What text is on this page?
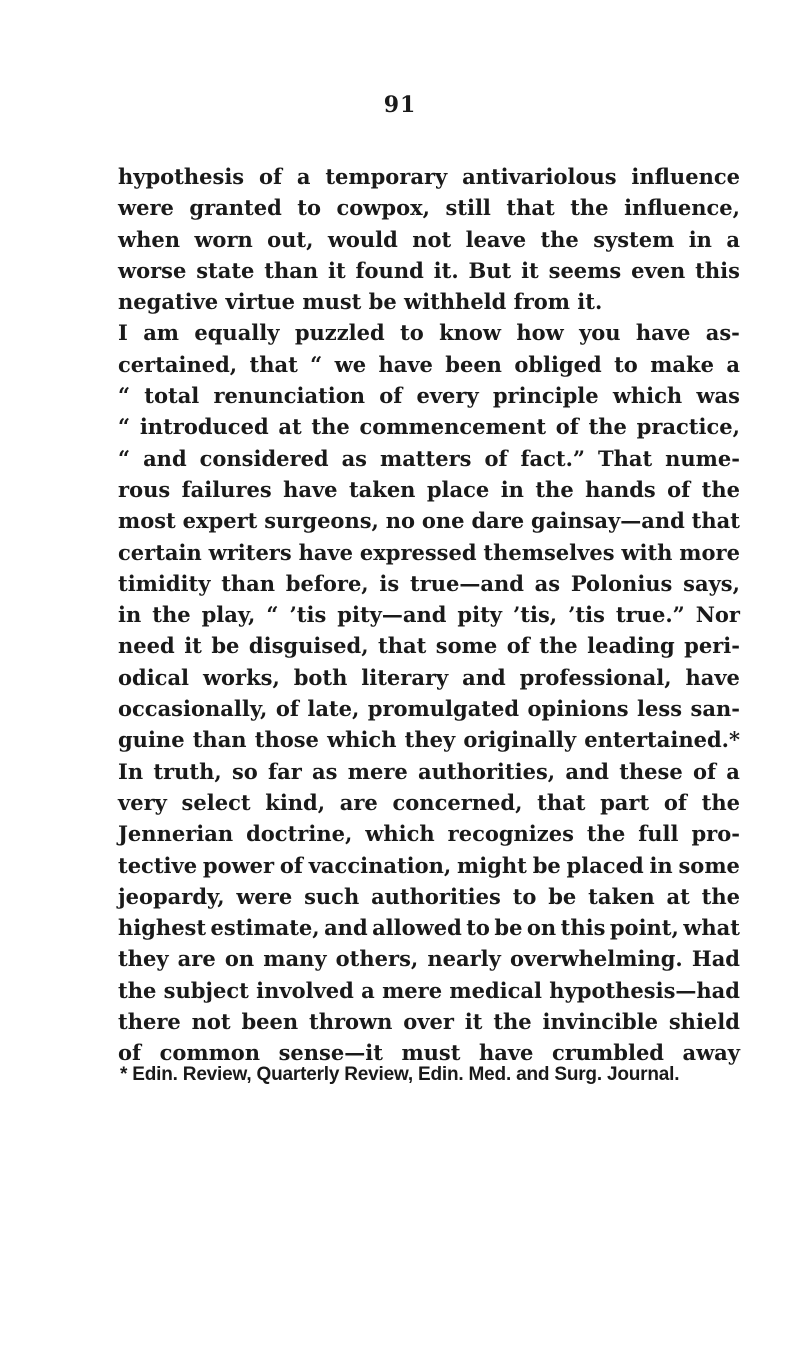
91
hypothesis of a temporary antivariolous influence
were granted to cowpox, still that the influence,
when worn out, would not leave the system in a
worse state than it found it. But it seems even this
negative virtue must be withheld from it.
I am equally puzzled to know how you have as-
certained, that “ we have been obliged to make a
“ total renunciation of every principle which was
“ introduced at the commencement of the practice,
“ and considered as matters of fact.” That nume-
rous failures have taken place in the hands of the
most expert surgeons, no one dare gainsay—and that
certain writers have expressed themselves with more
timidity than before, is true—and as Polonius says,
in the play, “ ’tis pity—and pity ’tis, ’tis true.” Nor
need it be disguised, that some of the leading peri-
odical works, both literary and professional, have
occasionally, of late, promulgated opinions less san-
guine than those which they originally entertained.*
In truth, so far as mere authorities, and these of a
very select kind, are concerned, that part of the
Jennerian doctrine, which recognizes the full pro-
tective power of vaccination, might be placed in some
jeopardy, were such authorities to be taken at the
highest estimate, and allowed to be on this point, what
they are on many others, nearly overwhelming. Had
the subject involved a mere medical hypothesis—had
there not been thrown over it the invincible shield
of common sense—it must have crumbled away
* Edin. Review, Quarterly Review, Edin. Med. and Surg. Journal.
